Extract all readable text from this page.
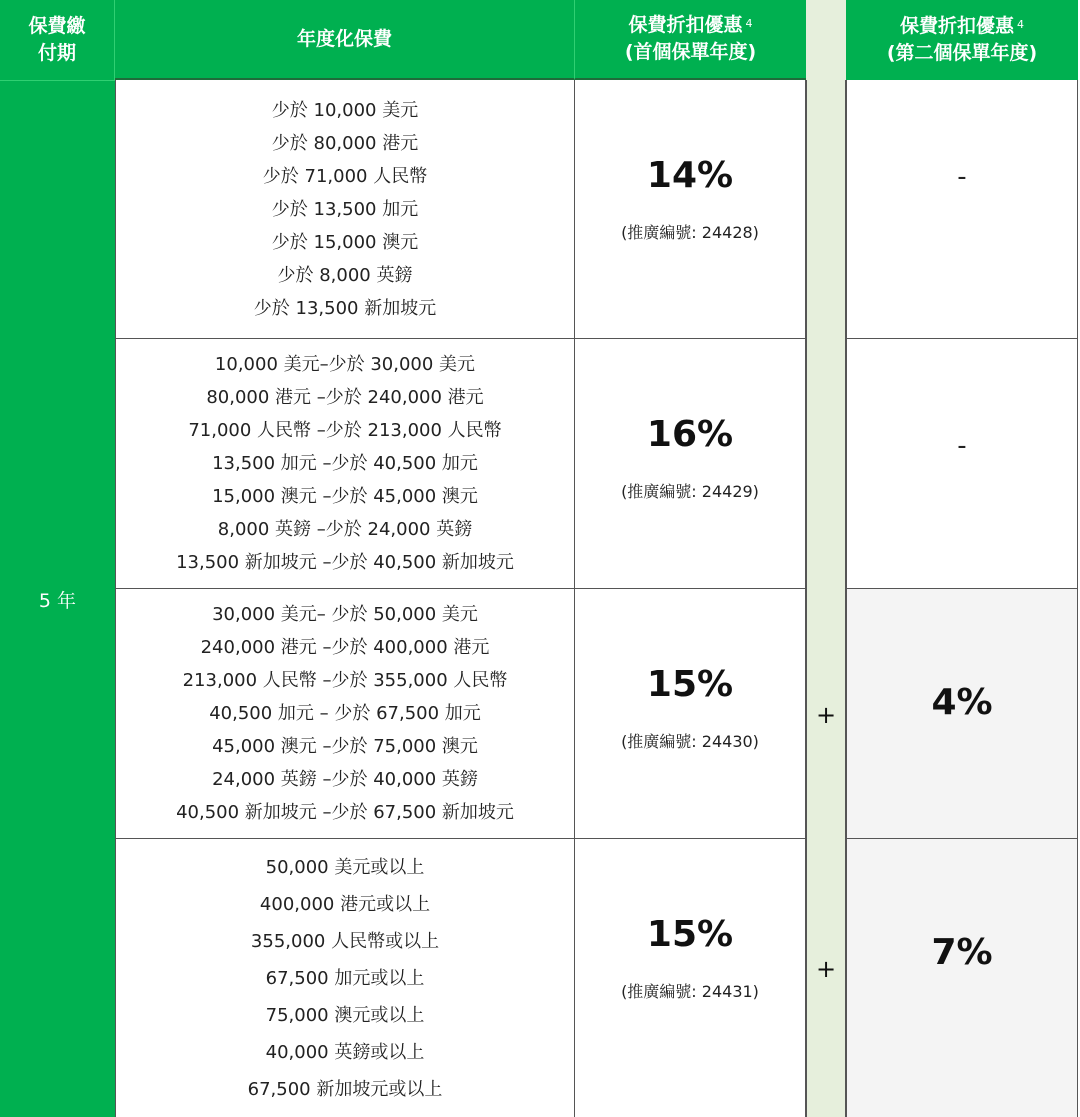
保費繳
付期
年度化保費
保費折扣優惠 $^4$
(首個保單年度)
保費折扣優惠 $^4$
(第二個保單年度)
5 年
少於 10,000 美元
少於 80,000 港元
少於 71,000 人民幣
少於 13,500 加元
少於 15,000 澳元
少於 8,000 英鎊
少於 13,500 新加坡元
14%
(推廣編號: 24428)
-
10,000 美元–少於 30,000 美元
80,000 港元 –少於 240,000 港元
71,000 人民幣 –少於 213,000 人民幣
13,500 加元 –少於 40,500 加元
15,000 澳元 –少於 45,000 澳元
8,000 英鎊 –少於 24,000 英鎊
13,500 新加坡元 –少於 40,500 新加坡元
16%
(推廣編號: 24429)
-
30,000 美元– 少於 50,000 美元
240,000 港元 –少於 400,000 港元
213,000 人民幣 –少於 355,000 人民幣
40,500 加元 – 少於 67,500 加元
45,000 澳元 –少於 75,000 澳元
24,000 英鎊 –少於 40,000 英鎊
40,500 新加坡元 –少於 67,500 新加坡元
15%
(推廣編號: 24430)
+	4%
50,000 美元或以上
400,000 港元或以上
355,000 人民幣或以上
67,500 加元或以上
75,000 澳元或以上
40,000 英鎊或以上
67,500 新加坡元或以上
15%
(推廣編號: 24431)
+	7%
